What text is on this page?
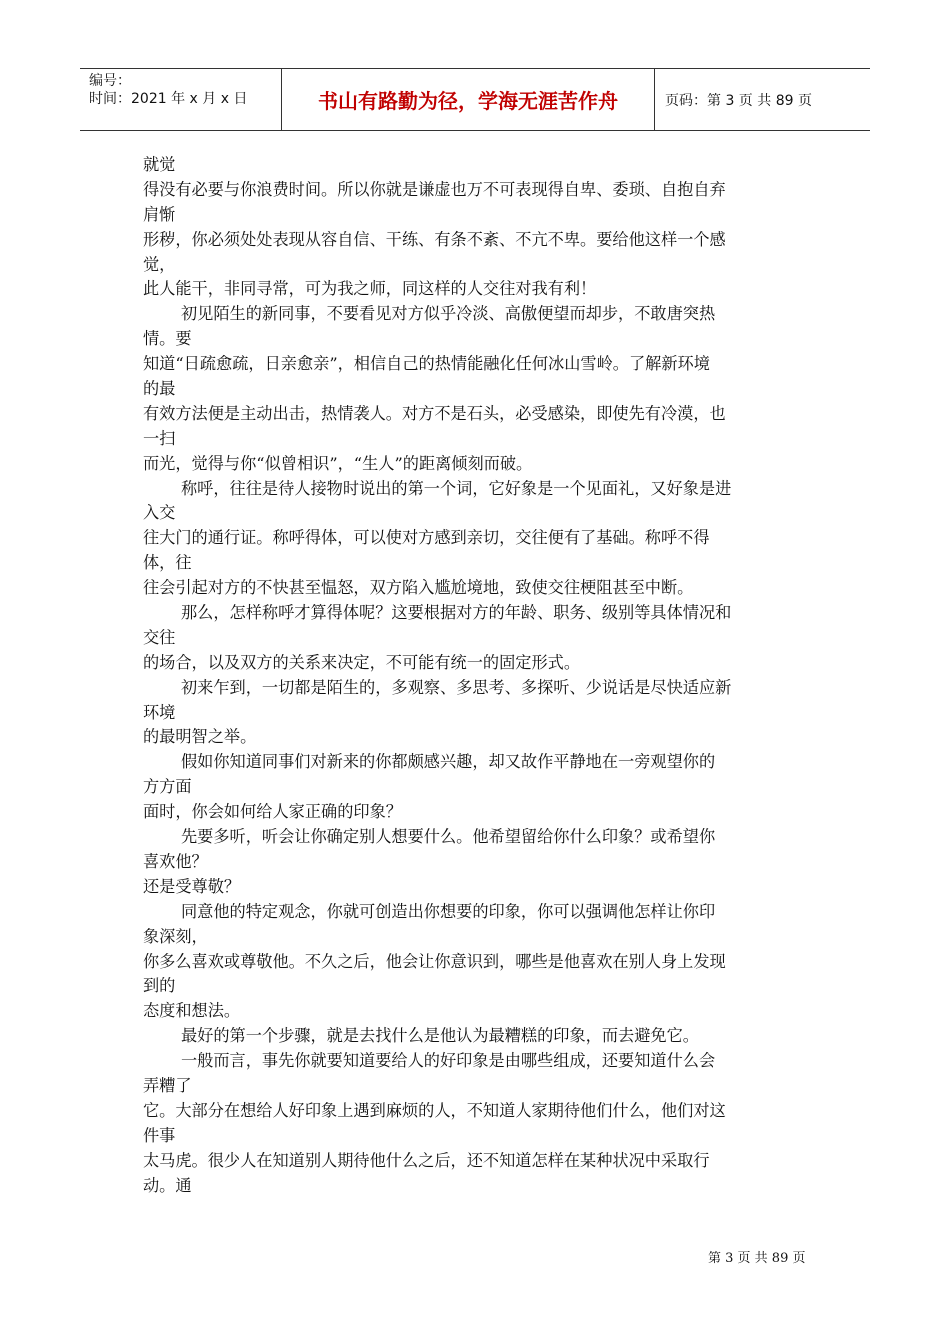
编号：
时间：2021 年 x 月 x 日	书山有路勤为径，学海无涯苦作舟	页码：第 3 页 共 89 页
就觉
得没有必要与你浪费时间。所以你就是谦虚也万不可表现得自卑、委琐、自抱自弃
肩惭
形秽，你必须处处表现从容自信、干练、有条不紊、不亢不卑。要给他这样一个感
觉，
此人能干，非同寻常，可为我之师，同这样的人交往对我有利！
初见陌生的新同事，不要看见对方似乎冷淡、高傲便望而却步，不敢唐突热
情。要
知道“日疏愈疏，日亲愈亲”，相信自己的热情能融化任何冰山雪岭。了解新环境
的最
有效方法便是主动出击，热情袭人。对方不是石头，必受感染，即使先有冷漠，也
一扫
而光，觉得与你“似曾相识”，“生人”的距离倾刻而破。
称呼，往往是待人接物时说出的第一个词，它好象是一个见面礼，又好象是进
入交
往大门的通行证。称呼得体，可以使对方感到亲切，交往便有了基础。称呼不得
体，往
往会引起对方的不快甚至愠怒，双方陷入尴尬境地，致使交往梗阻甚至中断。
那么，怎样称呼才算得体呢？这要根据对方的年龄、职务、级别等具体情况和
交往
的场合，以及双方的关系来决定，不可能有统一的固定形式。
初来乍到，一切都是陌生的，多观察、多思考、多探听、少说话是尽快适应新
环境
的最明智之举。
假如你知道同事们对新来的你都颇感兴趣，却又故作平静地在一旁观望你的
方方面
面时，你会如何给人家正确的印象？
先要多听，听会让你确定别人想要什么。他希望留给你什么印象？或希望你
喜欢他？
还是受尊敬？
同意他的特定观念，你就可创造出你想要的印象，你可以强调他怎样让你印
象深刻，
你多么喜欢或尊敬他。不久之后，他会让你意识到，哪些是他喜欢在别人身上发现
到的
态度和想法。
最好的第一个步骤，就是去找什么是他认为最糟糕的印象，而去避免它。
一般而言，事先你就要知道要给人的好印象是由哪些组成，还要知道什么会
弄糟了
它。大部分在想给人好印象上遇到麻烦的人，不知道人家期待他们什么，他们对这
件事
太马虎。很少人在知道别人期待他什么之后，还不知道怎样在某种状况中采取行
动。通
第 3 页 共 89 页
